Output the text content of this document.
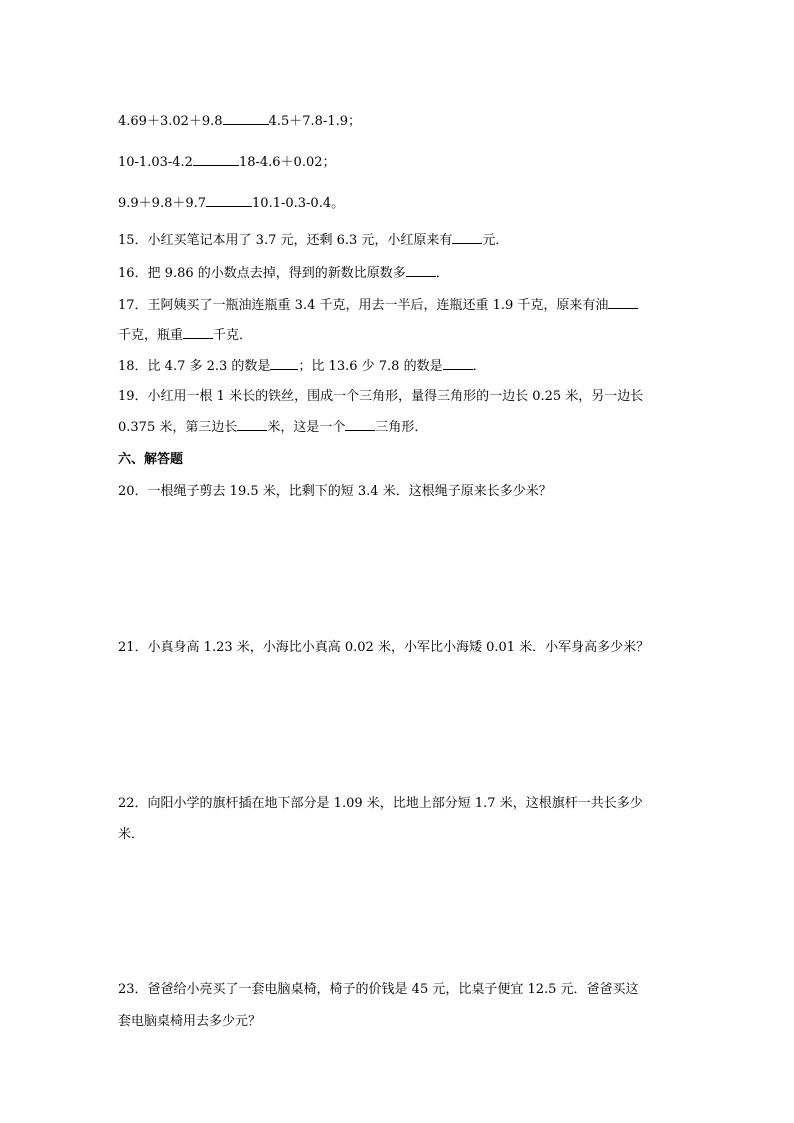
4.69＋3.02＋9.8	4.5＋7.8-1.9；
10-1.03-4.2	18-4.6＋0.02；
9.9＋9.8＋9.7	10.1-0.3-0.4。
15．小红买笔记本用了 3.7 元，还剩 6.3 元，小红原来有 元．
16．把 9.86 的小数点去掉，得到的新数比原数多 ．
17．王阿姨买了一瓶油连瓶重 3.4 千克，用去一半后，连瓶还重 1.9 千克，原来有油
千克，瓶重 千克．
18．比 4.7 多 2.3 的数是 ；比 13.6 少 7.8 的数是 ．
19．小红用一根 1 米长的铁丝，围成一个三角形，量得三角形的一边长 0.25 米，另一边长
0.375 米，第三边长 米，这是一个 三角形．
六、解答题
20．一根绳子剪去 19.5 米，比剩下的短 3.4 米．这根绳子原来长多少米？
21．小真身高 1.23 米，小海比小真高 0.02 米，小军比小海矮 0.01 米．小军身高多少米？
22．向阳小学的旗杆插在地下部分是 1.09 米，比地上部分短 1.7 米，这根旗杆一共长多少
米．
23．爸爸给小亮买了一套电脑桌椅，椅子的价钱是 45 元，比桌子便宜 12.5 元．爸爸买这
套电脑桌椅用去多少元？
